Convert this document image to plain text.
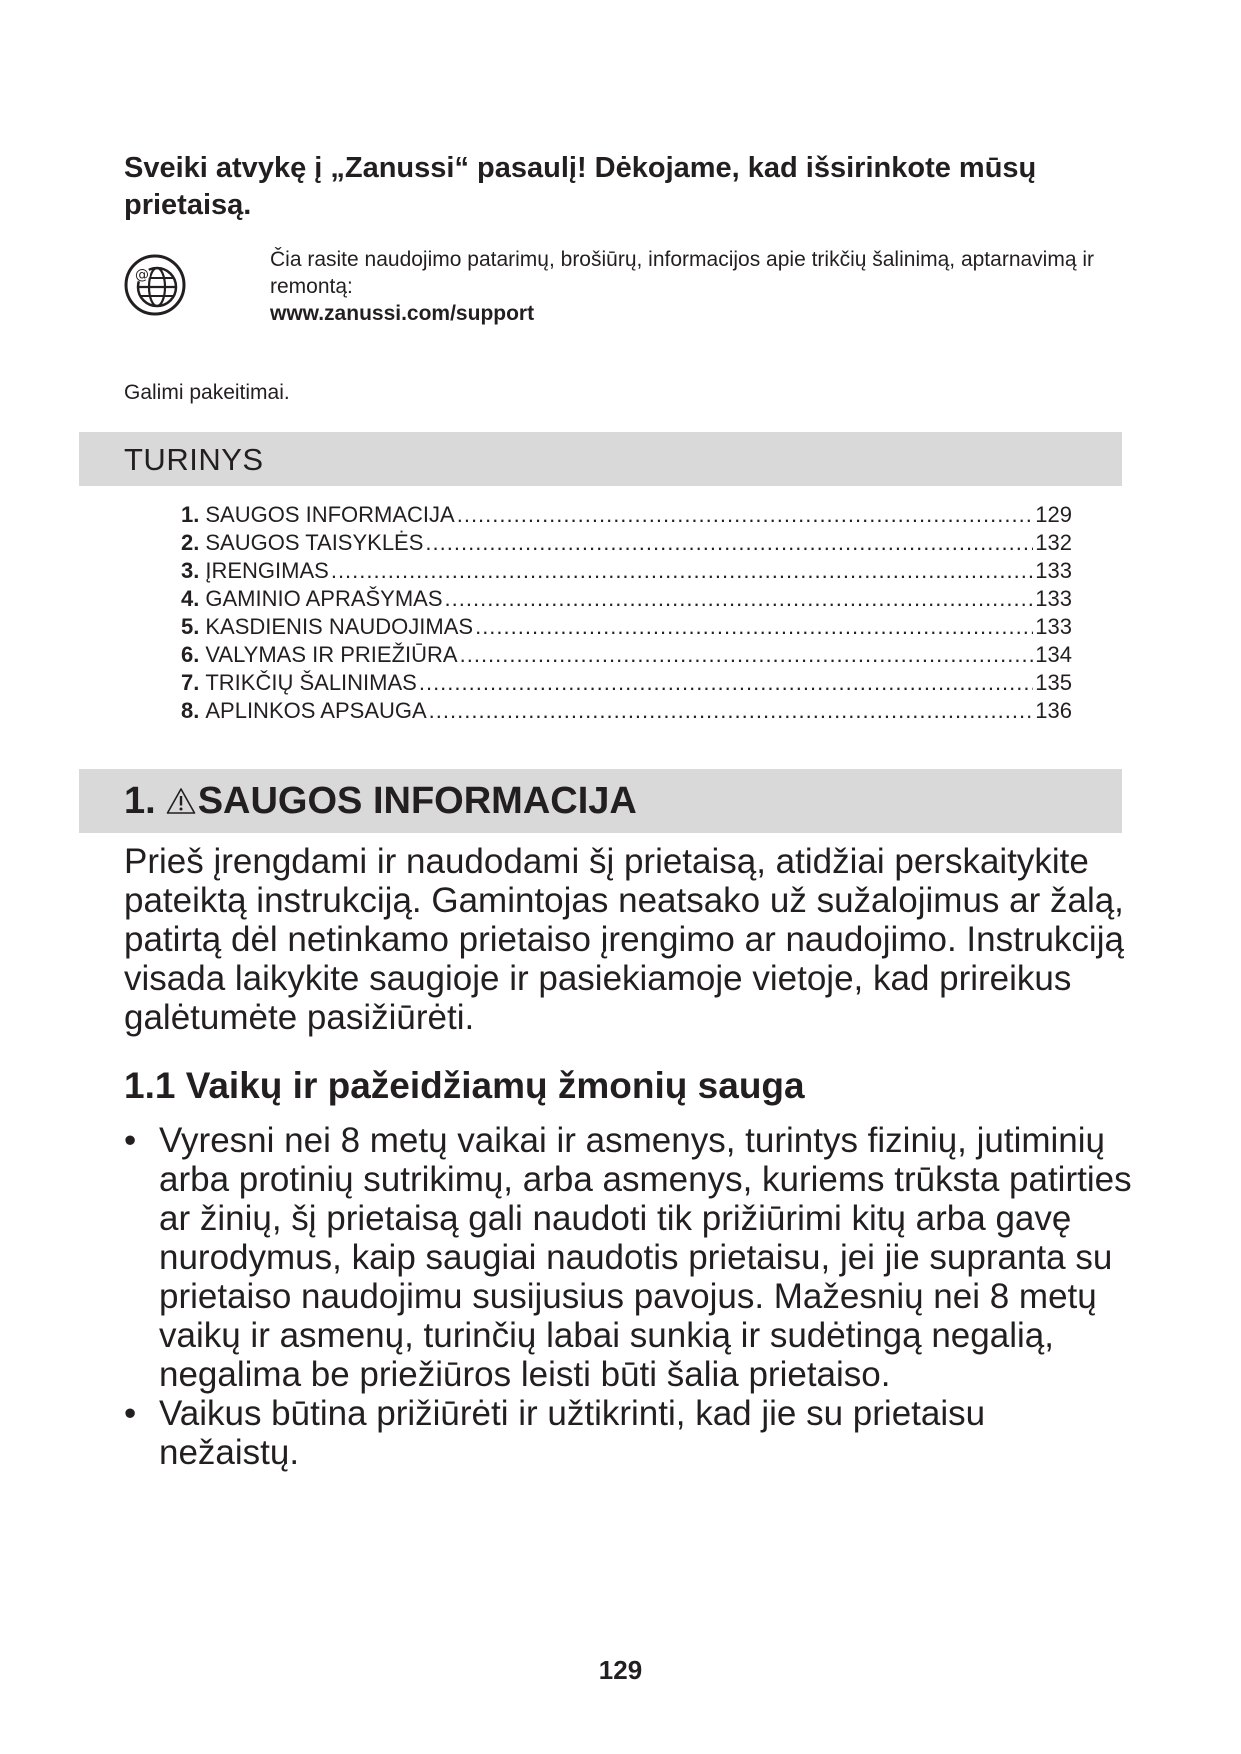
Sveiki atvykę į „Zanussi“ pasaulį! Dėkojame, kad išsirinkote mūsų prietaisą.
@
Čia rasite naudojimo patarimų, brošiūrų, informacijos apie trikčių šalinimą, aptarnavimą ir remontą:
www.zanussi.com/support
Galimi pakeitimai.
TURINYS
1. SAUGOS INFORMACIJA .....	129
2. SAUGOS TAISYKLĖS .....	132
3. ĮRENGIMAS .....	133
4. GAMINIO APRAŠYMAS .....	133
5. KASDIENIS NAUDOJIMAS .....	133
6. VALYMAS IR PRIEŽIŪRA .....	134
7. TRIKČIŲ ŠALINIMAS .....	135
8. APLINKOS APSAUGA .....	136
1. SAUGOS INFORMACIJA

Prieš įrengdami ir naudodami šį prietaisą, atidžiai perskaitykite pateiktą instrukciją. Gamintojas neatsako už sužalojimus ar žalą, patirtą dėl netinkamo prietaiso įrengimo ar naudojimo. Instrukciją visada laikykite saugioje ir pasiekiamoje vietoje, kad prireikus galėtumėte pasižiūrėti.

1.1 Vaikų ir pažeidžiamų žmonių sauga
• Vyresni nei 8 metų vaikai ir asmenys, turintys fizinių, jutiminių arba protinių sutrikimų, arba asmenys, kuriems trūksta patirties ar žinių, šį prietaisą gali naudoti tik prižiūrimi kitų arba gavę nurodymus, kaip saugiai naudotis prietaisu, jei jie supranta su prietaiso naudojimu susijusius pavojus. Mažesnių nei 8 metų vaikų ir asmenų, turinčių labai sunkią ir sudėtingą negalią, negalima be priežiūros leisti būti šalia prietaiso.
• Vaikus būtina prižiūrėti ir užtikrinti, kad jie su prietaisu nežaistų.
129
